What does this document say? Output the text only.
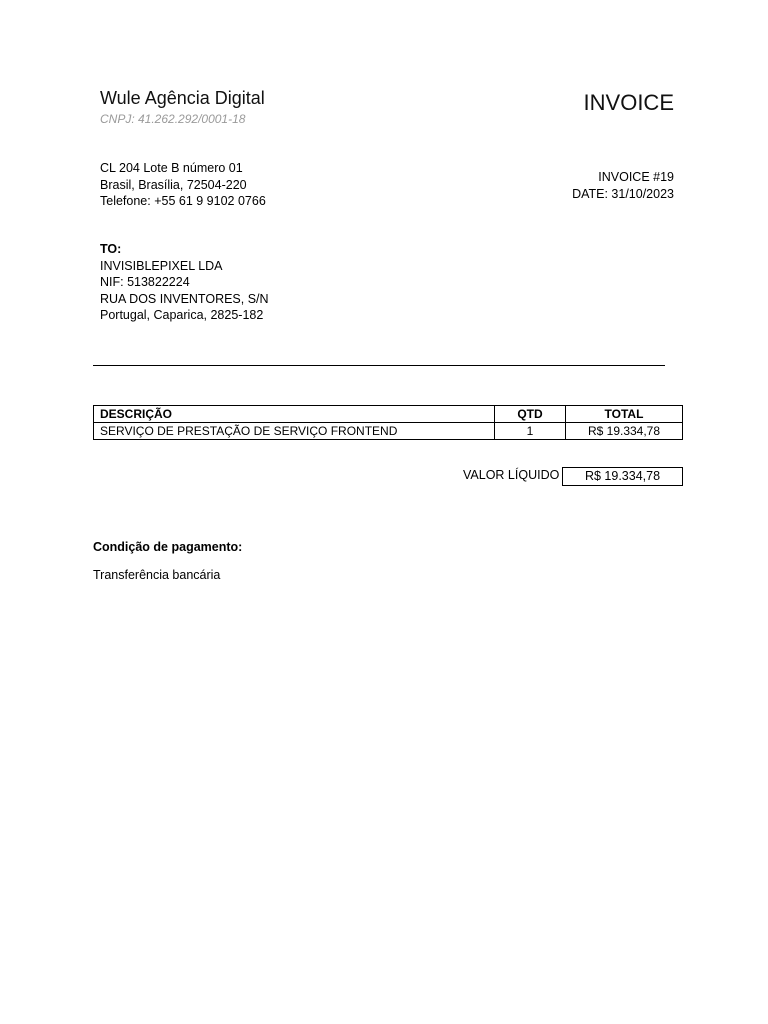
Wule Agência Digital
CNPJ: 41.262.292/0001-18
INVOICE
CL 204 Lote B número 01
Brasil, Brasília, 72504-220
Telefone: +55 61 9 9102 0766
INVOICE #19
DATE: 31/10/2023
TO:
INVISIBLEPIXEL LDA
NIF: 513822224
RUA DOS INVENTORES, S/N
Portugal, Caparica, 2825-182
DESCRIÇÃO	QTD	TOTAL
SERVIÇO DE PRESTAÇÃO DE SERVIÇO FRONTEND	1	R$ 19.334,78
VALOR LÍQUIDO	R$ 19.334,78
Condição de pagamento:
Transferência bancária
